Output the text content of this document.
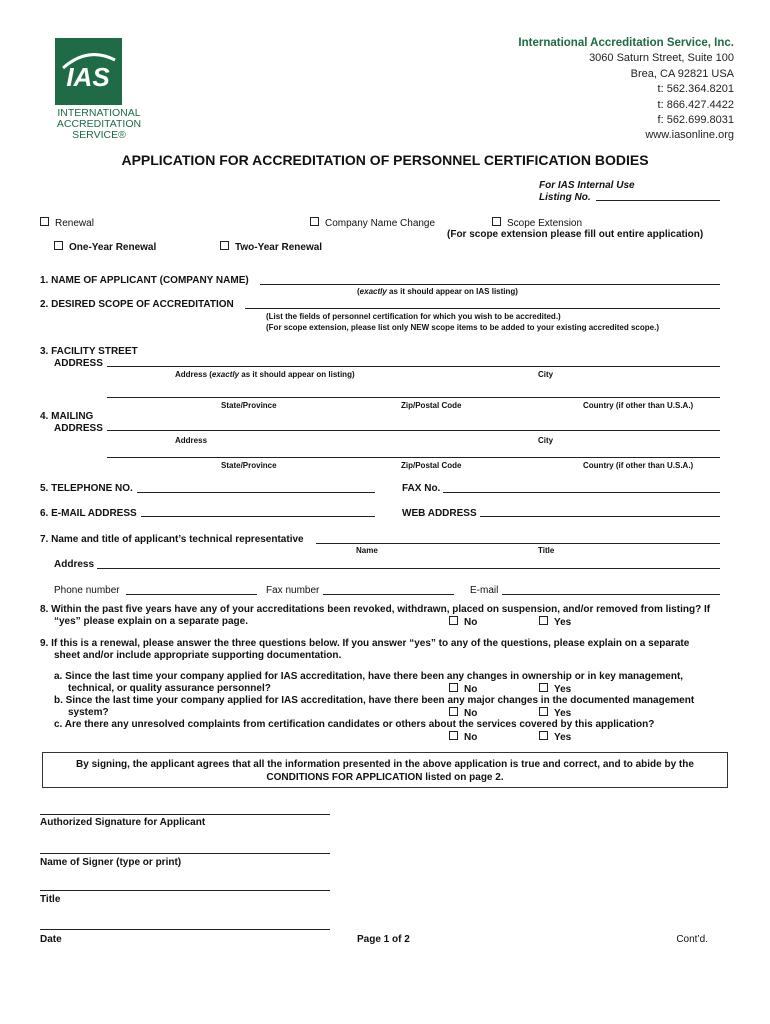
IAS
INTERNATIONAL
ACCREDITATION
SERVICE®
International Accreditation Service, Inc.
3060 Saturn Street, Suite 100
Brea, CA 92821 USA
t: 562.364.8201
t: 866.427.4422
f: 562.699.8031
www.iasonline.org
APPLICATION FOR ACCREDITATION OF PERSONNEL CERTIFICATION BODIES
For IAS Internal Use
Listing No.
Renewal	Company Name Change	Scope Extension
(For scope extension please fill out entire application)
One-Year Renewal	Two-Year Renewal
1. NAME OF APPLICANT (COMPANY NAME)
(exactly as it should appear on IAS listing)
2. DESIRED SCOPE OF ACCREDITATION
(List the fields of personnel certification for which you wish to be accredited.)
(For scope extension, please list only NEW scope items to be added to your existing accredited scope.)
3. FACILITY STREET
ADDRESS
Address (exactly as it should appear on listing)	City
State/Province	Zip/Postal Code	Country (if other than U.S.A.)
4. MAILING
ADDRESS
Address	City
State/Province	Zip/Postal Code	Country (if other than U.S.A.)
5. TELEPHONE NO.	FAX No.
6. E-MAIL ADDRESS	WEB ADDRESS
7. Name and title of applicant’s technical representative
Name	Title
Address
Phone number	Fax number	E-mail
8. Within the past five years have any of your accreditations been revoked, withdrawn, placed on suspension, and/or removed from listing? If
“yes” please explain on a separate page.	No	Yes
9. If this is a renewal, please answer the three questions below. If you answer “yes” to any of the questions, please explain on a separate
sheet and/or include appropriate supporting documentation.
a. Since the last time your company applied for IAS accreditation, have there been any changes in ownership or in key management,
technical, or quality assurance personnel?	No	Yes
b. Since the last time your company applied for IAS accreditation, have there been any major changes in the documented management
system?	No	Yes
c. Are there any unresolved complaints from certification candidates or others about the services covered by this application?
No	Yes
By signing, the applicant agrees that all the information presented in the above application is true and correct, and to abide by the
CONDITIONS FOR APPLICATION listed on page 2.
Authorized Signature for Applicant
Name of Signer (type or print)
Title
Date	Page 1 of 2	Cont’d.
